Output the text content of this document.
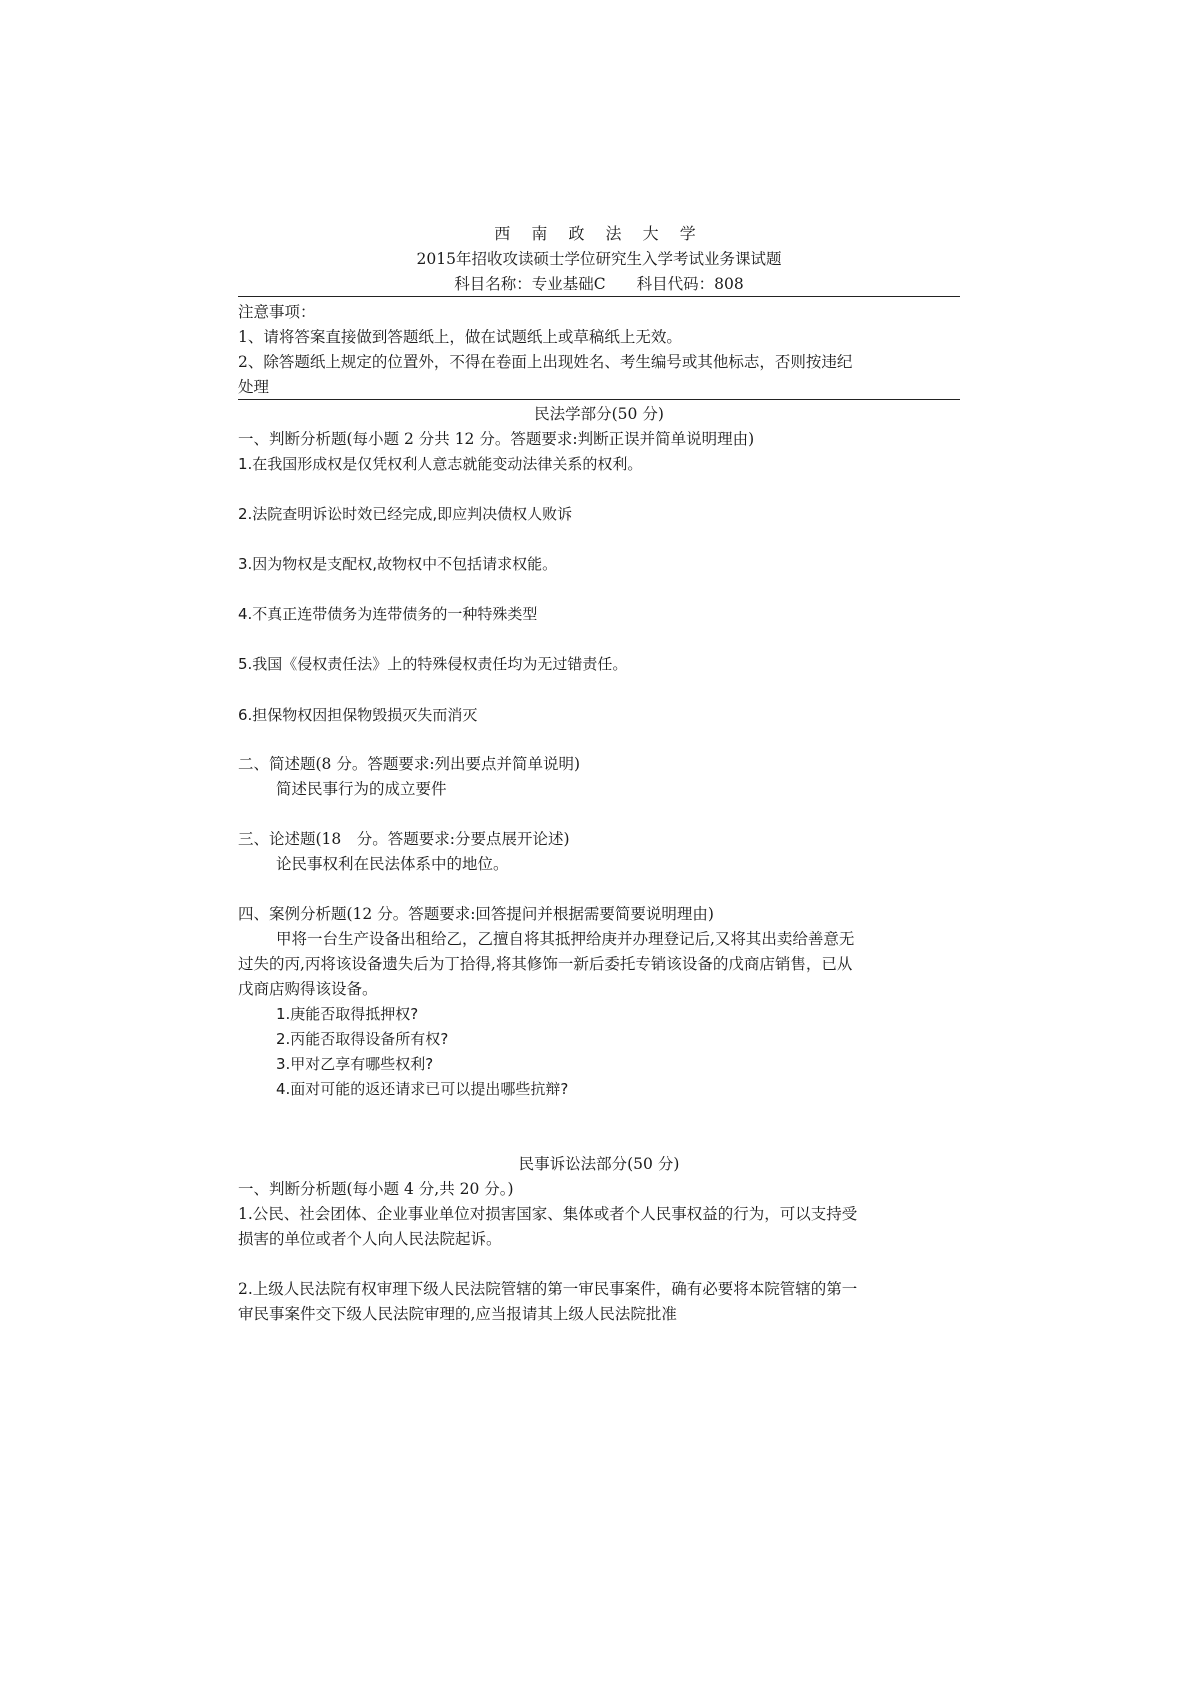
西 南 政 法 大 学
2015年招收攻读硕士学位研究生入学考试业务课试题
科目名称：专业基础C　　科目代码：808
注意事项：
1、请将答案直接做到答题纸上，做在试题纸上或草稿纸上无效。
2、除答题纸上规定的位置外，不得在卷面上出现姓名、考生编号或其他标志，否则按违纪
处理
民法学部分(50 分)
一、判断分析题(每小题 2 分共 12 分。答题要求:判断正误并简单说明理由)
1.在我国形成权是仅凭权利人意志就能变动法律关系的权利。
2.法院查明诉讼时效已经完成,即应判决债权人败诉
3.因为物权是支配权,故物权中不包括请求权能。
4.不真正连带债务为连带债务的一种特殊类型
5.我国《侵权责任法》上的特殊侵权责任均为无过错责任。
6.担保物权因担保物毁损灭失而消灭
二、简述题(8 分。答题要求:列出要点并简单说明)
简述民事行为的成立要件
三、论述题(18　分。答题要求:分要点展开论述)
论民事权利在民法体系中的地位。
四、案例分析题(12 分。答题要求:回答提问并根据需要简要说明理由)
甲将一台生产设备出租给乙，乙擅自将其抵押给庚并办理登记后,又将其出卖给善意无
过失的丙,丙将该设备遗失后为丁拾得,将其修饰一新后委托专销该设备的戊商店销售，已从
戊商店购得该设备。
1.庚能否取得抵押权?
2.丙能否取得设备所有权?
3.甲对乙享有哪些权利?
4.面对可能的返还请求已可以提出哪些抗辩?
民事诉讼法部分(50 分)
一、判断分析题(每小题 4 分,共 20 分。)
1.公民、社会团体、企业事业单位对损害国家、集体或者个人民事权益的行为，可以支持受
损害的单位或者个人向人民法院起诉。
2.上级人民法院有权审理下级人民法院管辖的第一审民事案件，确有必要将本院管辖的第一
审民事案件交下级人民法院审理的,应当报请其上级人民法院批准
